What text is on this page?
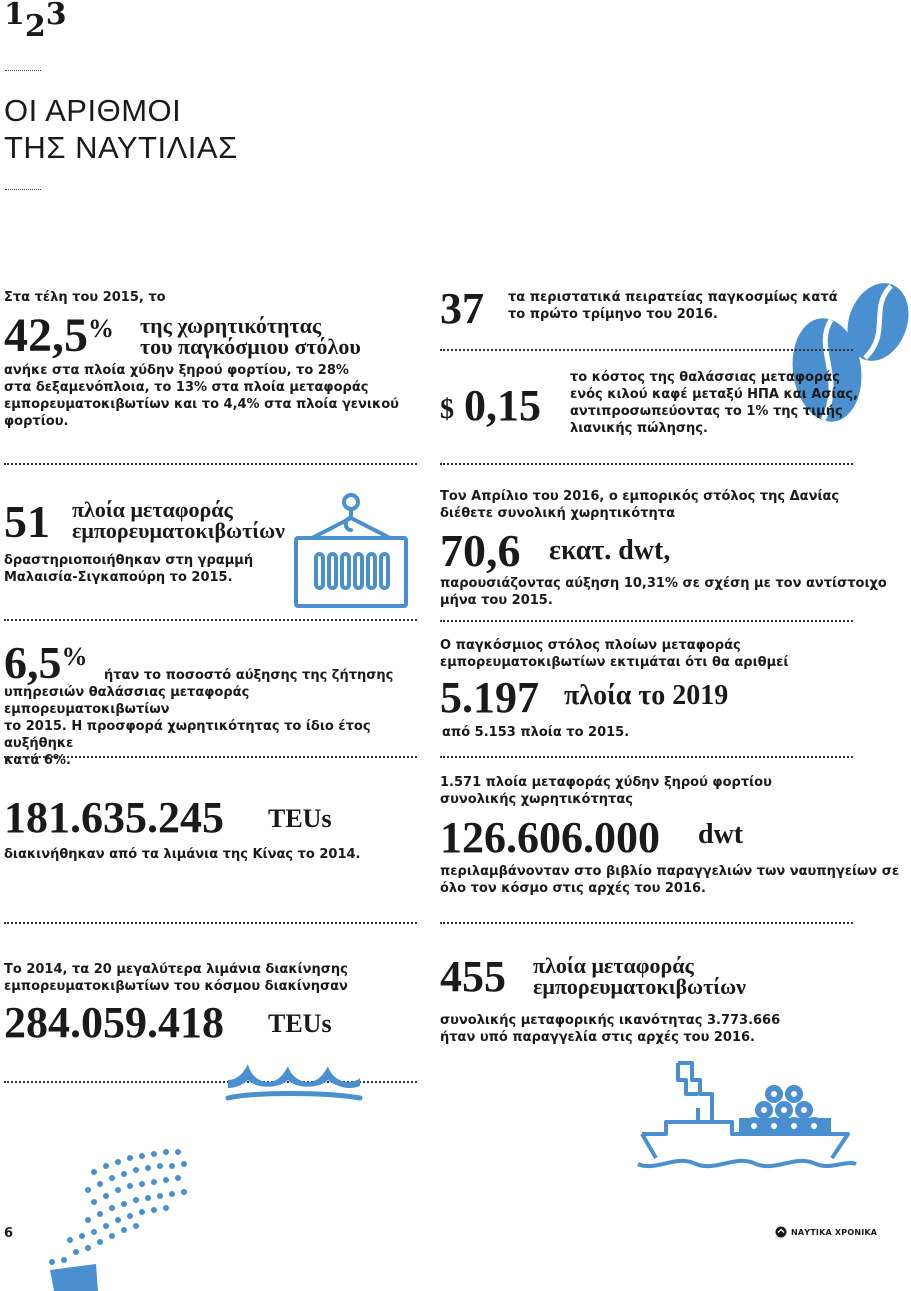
123
ΟΙ ΑΡΙΘΜΟΙ
ΤΗΣ ΝΑΥΤΙΛΙΑΣ
Στα τέλη του 2015, το
42,5% της χωρητικότητας
του παγκόσμιου στόλου
ανήκε στα πλοία χύδην ξηρού φορτίου, το 28%
στα δεξαμενόπλοια, το 13% στα πλοία μεταφοράς
εμπορευματοκιβωτίων και το 4,4% στα πλοία γενικού
φορτίου.
51 πλοία μεταφοράς
εμπορευματοκιβωτίων
δραστηριοποιήθηκαν στη γραμμή
Μαλαισία-Σιγκαπούρη το 2015.
6,5%
ήταν το ποσοστό αύξησης της ζήτησης
υπηρεσιών θαλάσσιας μεταφοράς εμπορευματοκιβωτίων
το 2015. Η προσφορά χωρητικότητας το ίδιο έτος αυξήθηκε
κατά 6%.
181.635.245 TEUs
διακινήθηκαν από τα λιμάνια της Κίνας το 2014.
Το 2014, τα 20 μεγαλύτερα λιμάνια διακίνησης
εμπορευματοκιβωτίων του κόσμου διακίνησαν
284.059.418 TEUs
37 τα περιστατικά πειρατείας παγκοσμίως κατά
το πρώτο τρίμηνο του 2016.
$ 0,15
το κόστος της θαλάσσιας μεταφοράς
ενός κιλού καφέ μεταξύ ΗΠΑ και Ασίας,
αντιπροσωπεύοντας το 1% της τιμής
λιανικής πώλησης.
Τον Απρίλιο του 2016, ο εμπορικός στόλος της Δανίας
διέθετε συνολική χωρητικότητα
70,6 εκατ. dwt,
παρουσιάζοντας αύξηση 10,31% σε σχέση με τον αντίστοιχο
μήνα του 2015.
Ο παγκόσμιος στόλος πλοίων μεταφοράς
εμπορευματοκιβωτίων εκτιμάται ότι θα αριθμεί
5.197 πλοία το 2019
από 5.153 πλοία το 2015.
1.571 πλοία μεταφοράς χύδην ξηρού φορτίου
συνολικής χωρητικότητας
126.606.000 dwt
περιλαμβάνονταν στο βιβλίο παραγγελιών των ναυπηγείων σε
όλο τον κόσμο στις αρχές του 2016.
455 πλοία μεταφοράς
εμπορευματοκιβωτίων
συνολικής μεταφορικής ικανότητας 3.773.666
ήταν υπό παραγγελία στις αρχές του 2016.
6	ΝΑΥΤΙΚΑ ΧΡΟΝΙΚΑ
